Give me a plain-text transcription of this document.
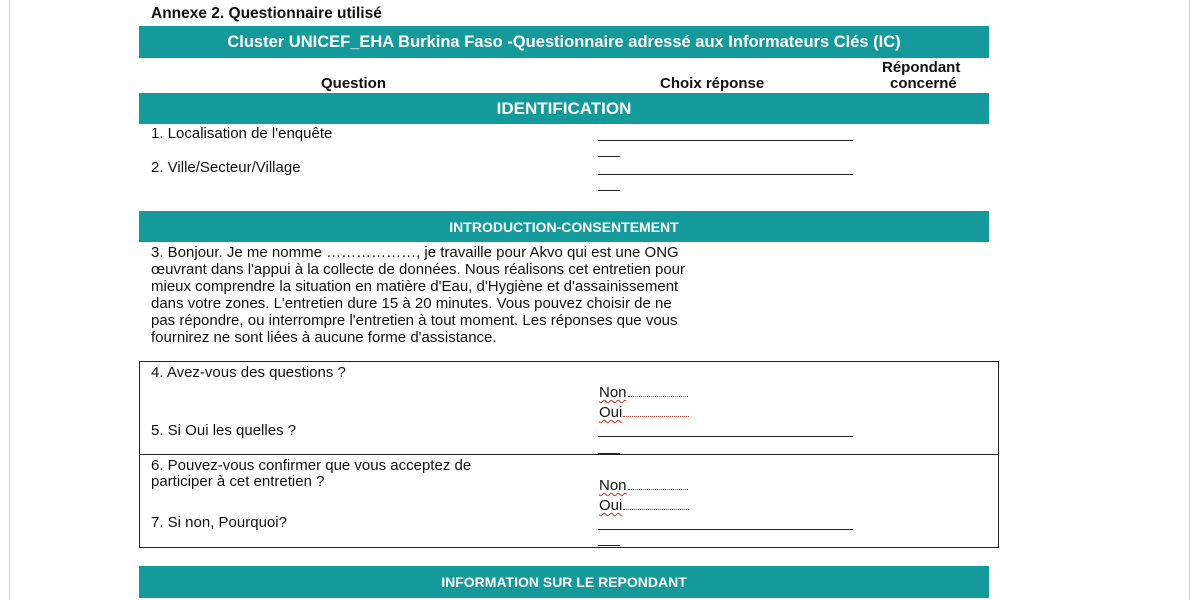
Annexe 2. Questionnaire utilisé
Cluster UNICEF_EHA Burkina Faso -Questionnaire adressé aux Informateurs Clés (IC)
Question	Choix réponse
Répondant
concerné
IDENTIFICATION
1. Localisation de l'enquête
2. Ville/Secteur/Village
INTRODUCTION-CONSENTEMENT
3. Bonjour. Je me nomme ………………, je travaille pour Akvo qui est une ONG
œuvrant dans l'appui à la collecte de données. Nous réalisons cet entretien pour
mieux comprendre la situation en matière d'Eau, d'Hygiène et d'assainissement
dans votre zones. L'entretien dure 15 à 20 minutes. Vous pouvez choisir de ne
pas répondre, ou interrompre l'entretien à tout moment. Les réponses que vous
fournirez ne sont liées à aucune forme d'assistance.
4. Avez-vous des questions ?
Non
Oui
5. Si Oui les quelles ?
6. Pouvez-vous confirmer que vous acceptez de
participer à cet entretien ?	Non
Oui
7. Si non, Pourquoi?
INFORMATION SUR LE REPONDANT
